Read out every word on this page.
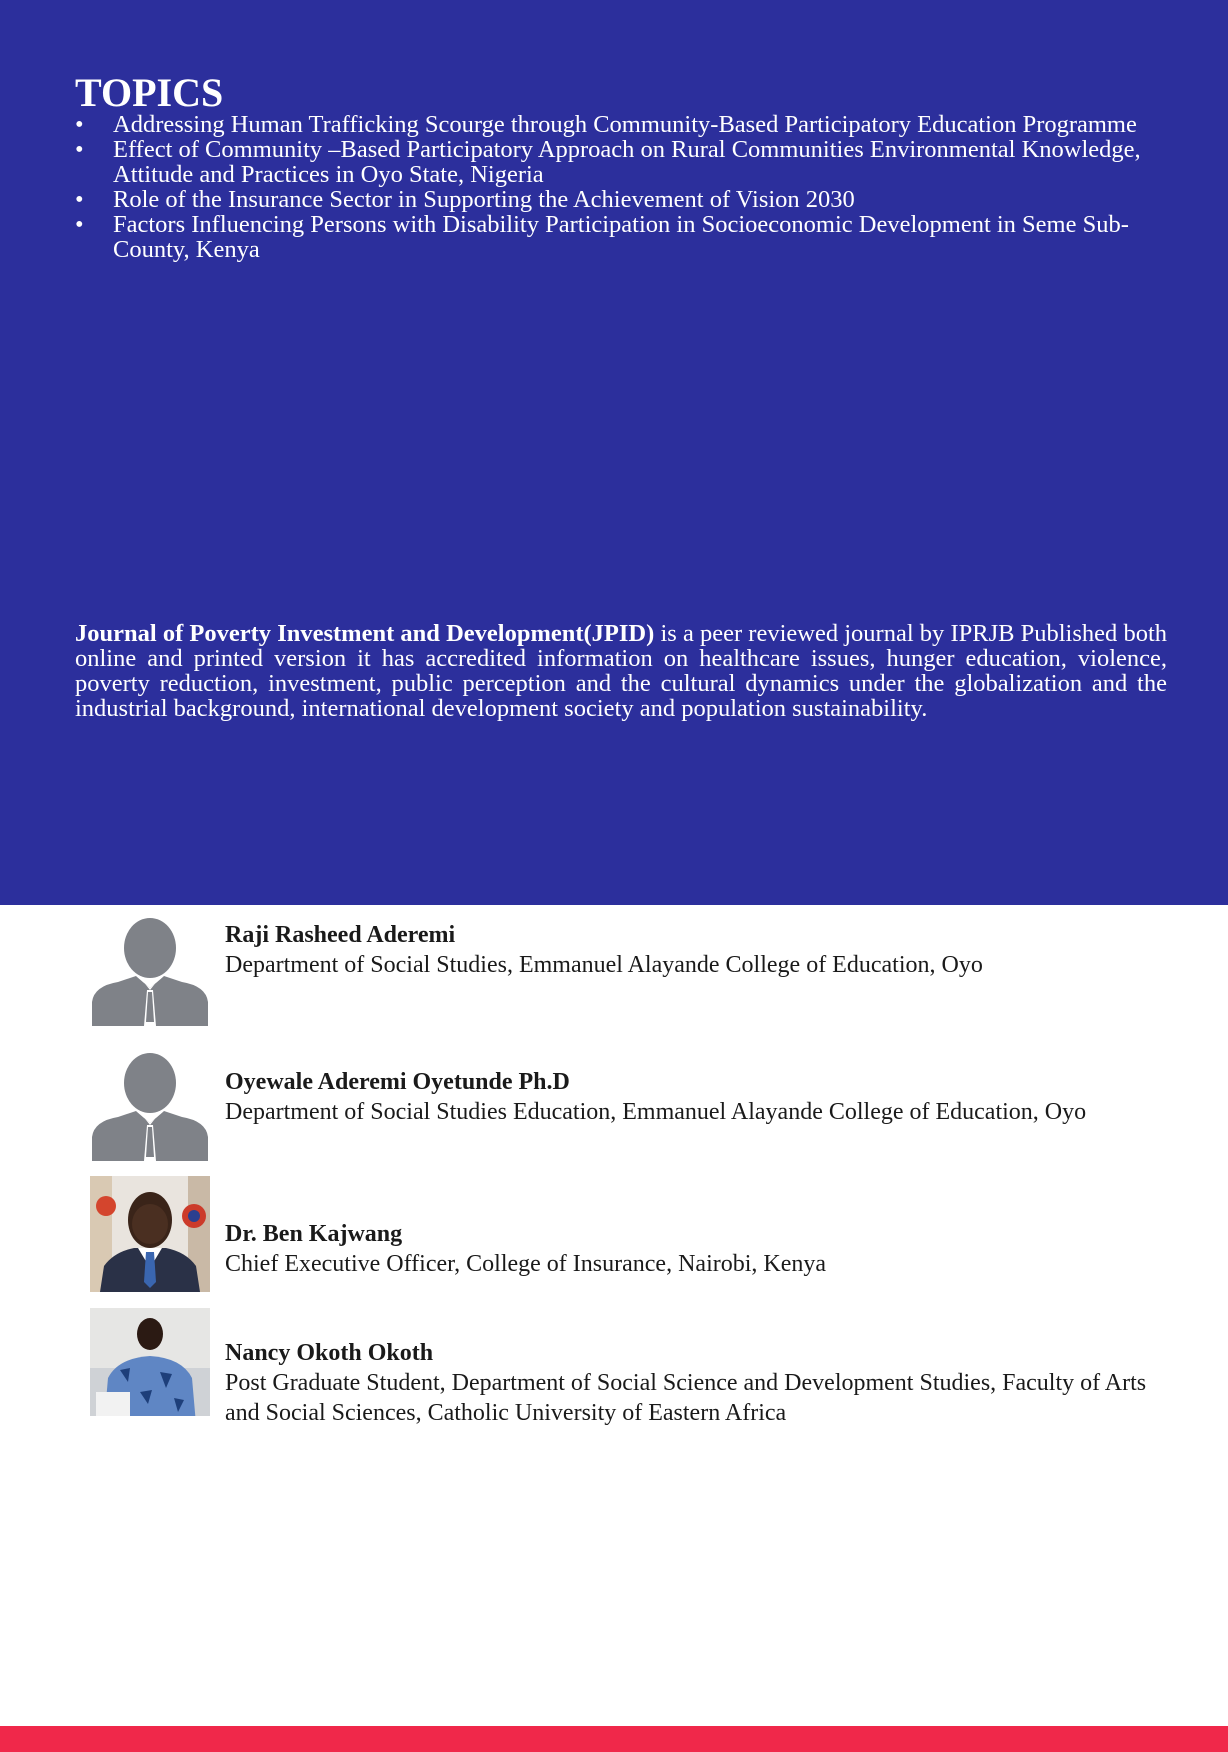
TOPICS
• Addressing Human Trafficking Scourge through Community-Based Participatory Education Programme
• Effect of Community –Based Participatory Approach on Rural Communities Environmental Knowledge, Attitude and Practices in Oyo State, Nigeria
• Role of the Insurance Sector in Supporting the Achievement of Vision 2030
• Factors Influencing Persons with Disability Participation in Socioeconomic Development in Seme Sub-County, Kenya

Journal of Poverty Investment and Development(JPID) is a peer reviewed journal by IPRJB Published both online and printed version it has accredited information on healthcare issues, hunger education, violence, poverty reduction, investment, public perception and the cultural dynamics under the globalization and the industrial background, international development society and population sustainability.

Raji Rasheed Aderemi
Department of Social Studies, Emmanuel Alayande College of Education, Oyo
Oyewale Aderemi Oyetunde Ph.D
Department of Social Studies Education, Emmanuel Alayande College of Education, Oyo
Dr. Ben Kajwang
Chief Executive Officer, College of Insurance, Nairobi, Kenya
Nancy Okoth Okoth
Post Graduate Student, Department of Social Science and Development Studies, Faculty of Arts and Social Sciences, Catholic University of Eastern Africa
